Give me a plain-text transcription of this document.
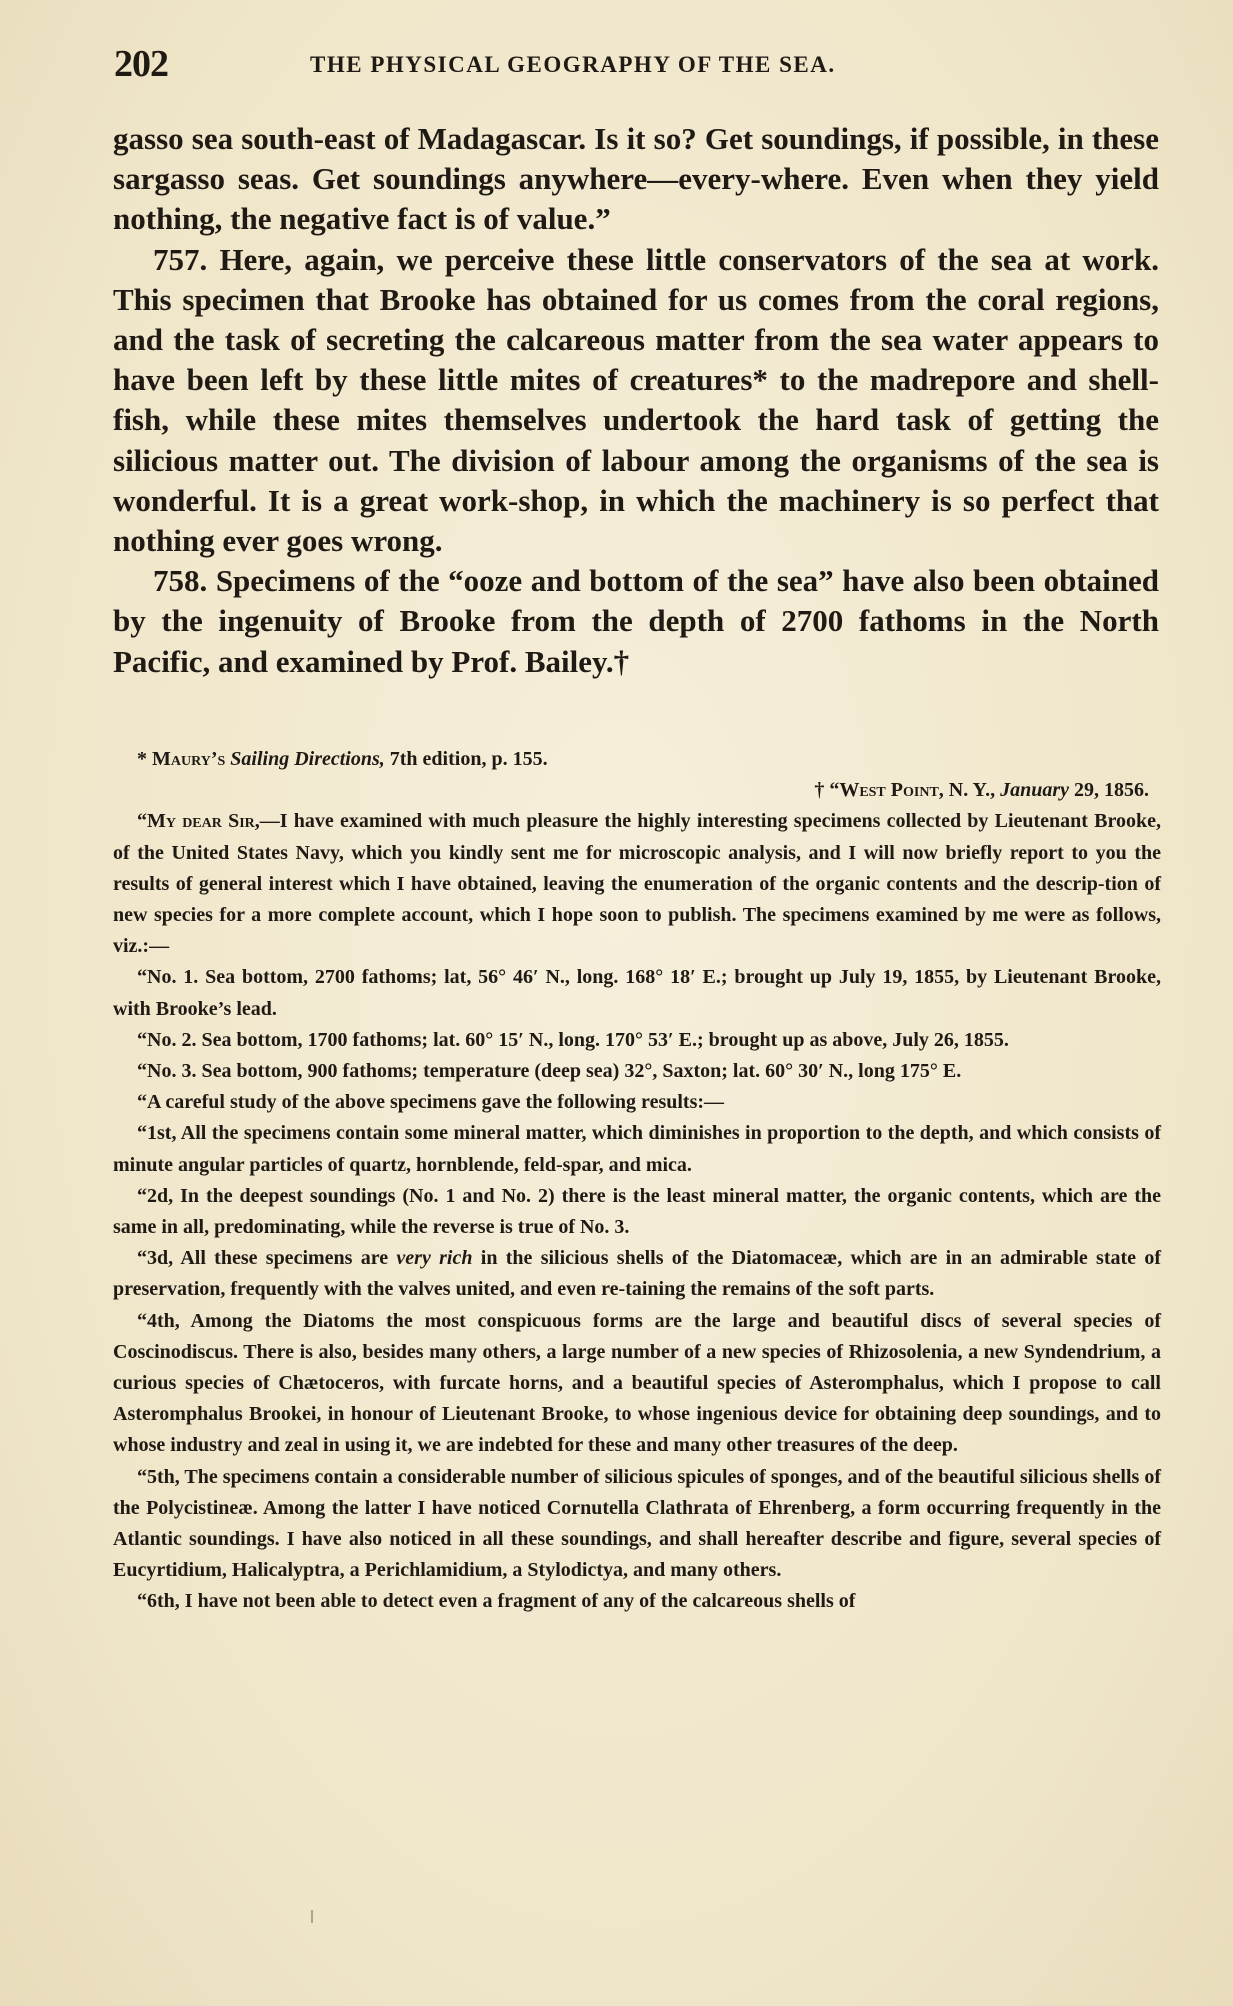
202	THE PHYSICAL GEOGRAPHY OF THE SEA.

gasso sea south-east of Madagascar. Is it so? Get soundings, if possible, in these sargasso seas. Get soundings anywhere—every-where. Even when they yield nothing, the negative fact is of value.”

757. Here, again, we perceive these little conservators of the sea at work. This specimen that Brooke has obtained for us comes from the coral regions, and the task of secreting the calcareous matter from the sea water appears to have been left by these little mites of creatures* to the madrepore and shell-fish, while these mites themselves undertook the hard task of getting the silicious matter out. The division of labour among the organisms of the sea is wonderful. It is a great work-shop, in which the machinery is so perfect that nothing ever goes wrong.

758. Specimens of the “ooze and bottom of the sea” have also been obtained by the ingenuity of Brooke from the depth of 2700 fathoms in the North Pacific, and examined by Prof. Bailey.†

* Maury’s Sailing Directions, 7th edition, p. 155.

† “West Point, N. Y., January 29, 1856.

“My dear Sir,—I have examined with much pleasure the highly interesting specimens collected by Lieutenant Brooke, of the United States Navy, which you kindly sent me for microscopic analysis, and I will now briefly report to you the results of general interest which I have obtained, leaving the enumeration of the organic contents and the descrip-tion of new species for a more complete account, which I hope soon to publish. The specimens examined by me were as follows, viz.:—

“No. 1. Sea bottom, 2700 fathoms; lat, 56° 46′ N., long. 168° 18′ E.; brought up July 19, 1855, by Lieutenant Brooke, with Brooke’s lead.

“No. 2. Sea bottom, 1700 fathoms; lat. 60° 15′ N., long. 170° 53′ E.; brought up as above, July 26, 1855.

“No. 3. Sea bottom, 900 fathoms; temperature (deep sea) 32°, Saxton; lat. 60° 30′ N., long 175° E.

“A careful study of the above specimens gave the following results:—

“1st, All the specimens contain some mineral matter, which diminishes in proportion to the depth, and which consists of minute angular particles of quartz, hornblende, feld-spar, and mica.

“2d, In the deepest soundings (No. 1 and No. 2) there is the least mineral matter, the organic contents, which are the same in all, predominating, while the reverse is true of No. 3.

“3d, All these specimens are very rich in the silicious shells of the Diatomaceæ, which are in an admirable state of preservation, frequently with the valves united, and even re-taining the remains of the soft parts.

“4th, Among the Diatoms the most conspicuous forms are the large and beautiful discs of several species of Coscinodiscus. There is also, besides many others, a large number of a new species of Rhizosolenia, a new Syndendrium, a curious species of Chætoceros, with furcate horns, and a beautiful species of Asteromphalus, which I propose to call Asteromphalus Brookei, in honour of Lieutenant Brooke, to whose ingenious device for obtaining deep soundings, and to whose industry and zeal in using it, we are indebted for these and many other treasures of the deep.

“5th, The specimens contain a considerable number of silicious spicules of sponges, and of the beautiful silicious shells of the Polycistineæ. Among the latter I have noticed Cornutella Clathrata of Ehrenberg, a form occurring frequently in the Atlantic soundings. I have also noticed in all these soundings, and shall hereafter describe and figure, several species of Eucyrtidium, Halicalyptra, a Perichlamidium, a Stylodictya, and many others.

“6th, I have not been able to detect even a fragment of any of the calcareous shells of
